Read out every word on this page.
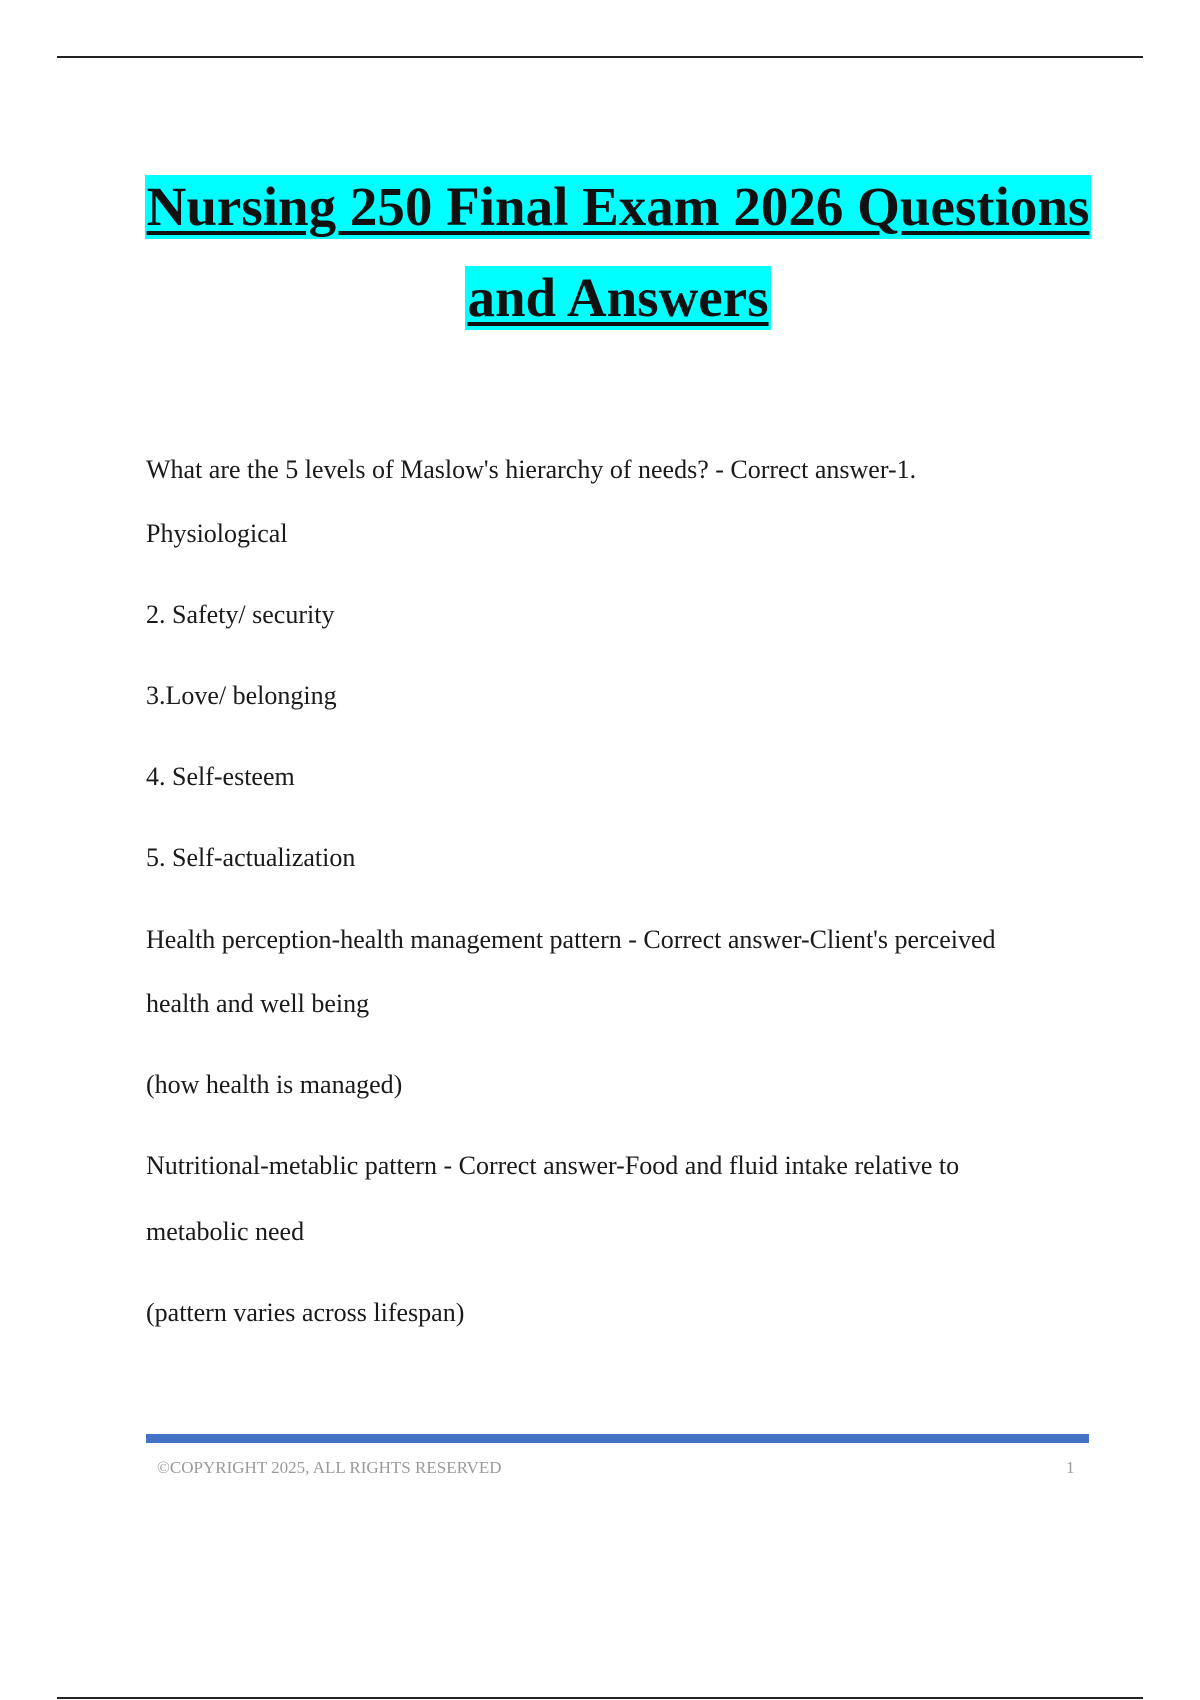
Nursing 250 Final Exam 2026 Questions
and Answers
What are the 5 levels of Maslow's hierarchy of needs? - Correct answer-1.
Physiological
2. Safety/ security
3.Love/ belonging
4. Self-esteem
5. Self-actualization
Health perception-health management pattern - Correct answer-Client's perceived
health and well being
(how health is managed)
Nutritional-metablic pattern - Correct answer-Food and fluid intake relative to
metabolic need
(pattern varies across lifespan)
©COPYRIGHT 2025, ALL RIGHTS RESERVED	1
